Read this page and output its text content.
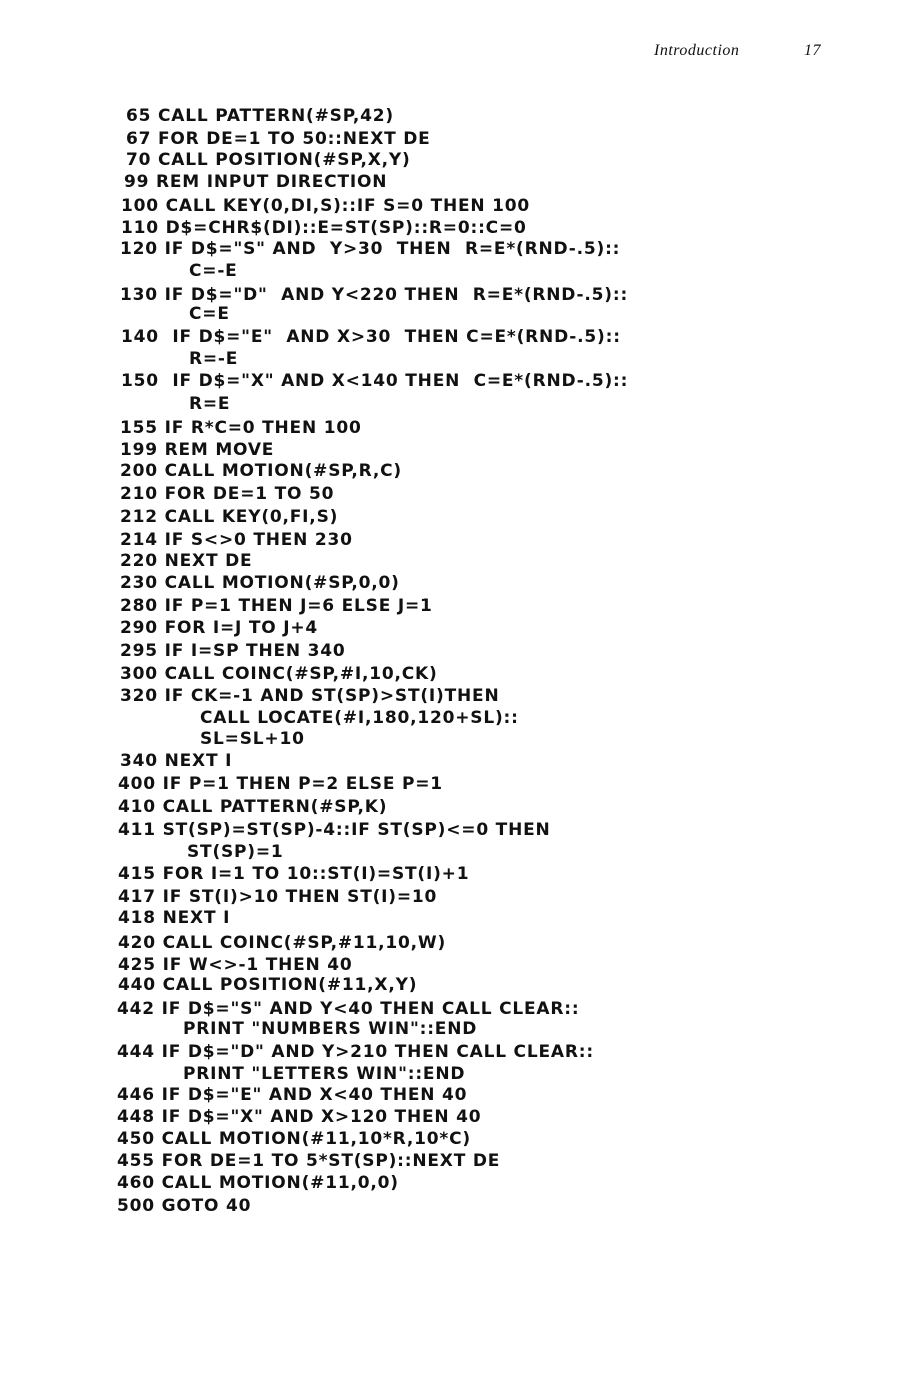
Introduction	17
65 CALL PATTERN(#SP,42)
67 FOR DE=1 TO 50::NEXT DE
70 CALL POSITION(#SP,X,Y)
99 REM INPUT DIRECTION
100 CALL KEY(0,DI,S)::IF S=0 THEN 100
110 D$=CHR$(DI)::E=ST(SP)::R=0::C=0
120 IF D$="S" AND  Y>30  THEN  R=E*(RND-.5)::
C=-E
130 IF D$="D"  AND Y<220 THEN  R=E*(RND-.5)::
C=E
140  IF D$="E"  AND X>30  THEN C=E*(RND-.5)::
R=-E
150  IF D$="X" AND X<140 THEN  C=E*(RND-.5)::
R=E
155 IF R*C=0 THEN 100
199 REM MOVE
200 CALL MOTION(#SP,R,C)
210 FOR DE=1 TO 50
212 CALL KEY(0,FI,S)
214 IF S<>0 THEN 230
220 NEXT DE
230 CALL MOTION(#SP,0,0)
280 IF P=1 THEN J=6 ELSE J=1
290 FOR I=J TO J+4
295 IF I=SP THEN 340
300 CALL COINC(#SP,#I,10,CK)
320 IF CK=-1 AND ST(SP)>ST(I)THEN
CALL LOCATE(#I,180,120+SL)::
SL=SL+10
340 NEXT I
400 IF P=1 THEN P=2 ELSE P=1
410 CALL PATTERN(#SP,K)
411 ST(SP)=ST(SP)-4::IF ST(SP)<=0 THEN
ST(SP)=1
415 FOR I=1 TO 10::ST(I)=ST(I)+1
417 IF ST(I)>10 THEN ST(I)=10
418 NEXT I
420 CALL COINC(#SP,#11,10,W)
425 IF W<>-1 THEN 40
440 CALL POSITION(#11,X,Y)
442 IF D$="S" AND Y<40 THEN CALL CLEAR::
PRINT "NUMBERS WIN"::END
444 IF D$="D" AND Y>210 THEN CALL CLEAR::
PRINT "LETTERS WIN"::END
446 IF D$="E" AND X<40 THEN 40
448 IF D$="X" AND X>120 THEN 40
450 CALL MOTION(#11,10*R,10*C)
455 FOR DE=1 TO 5*ST(SP)::NEXT DE
460 CALL MOTION(#11,0,0)
500 GOTO 40
